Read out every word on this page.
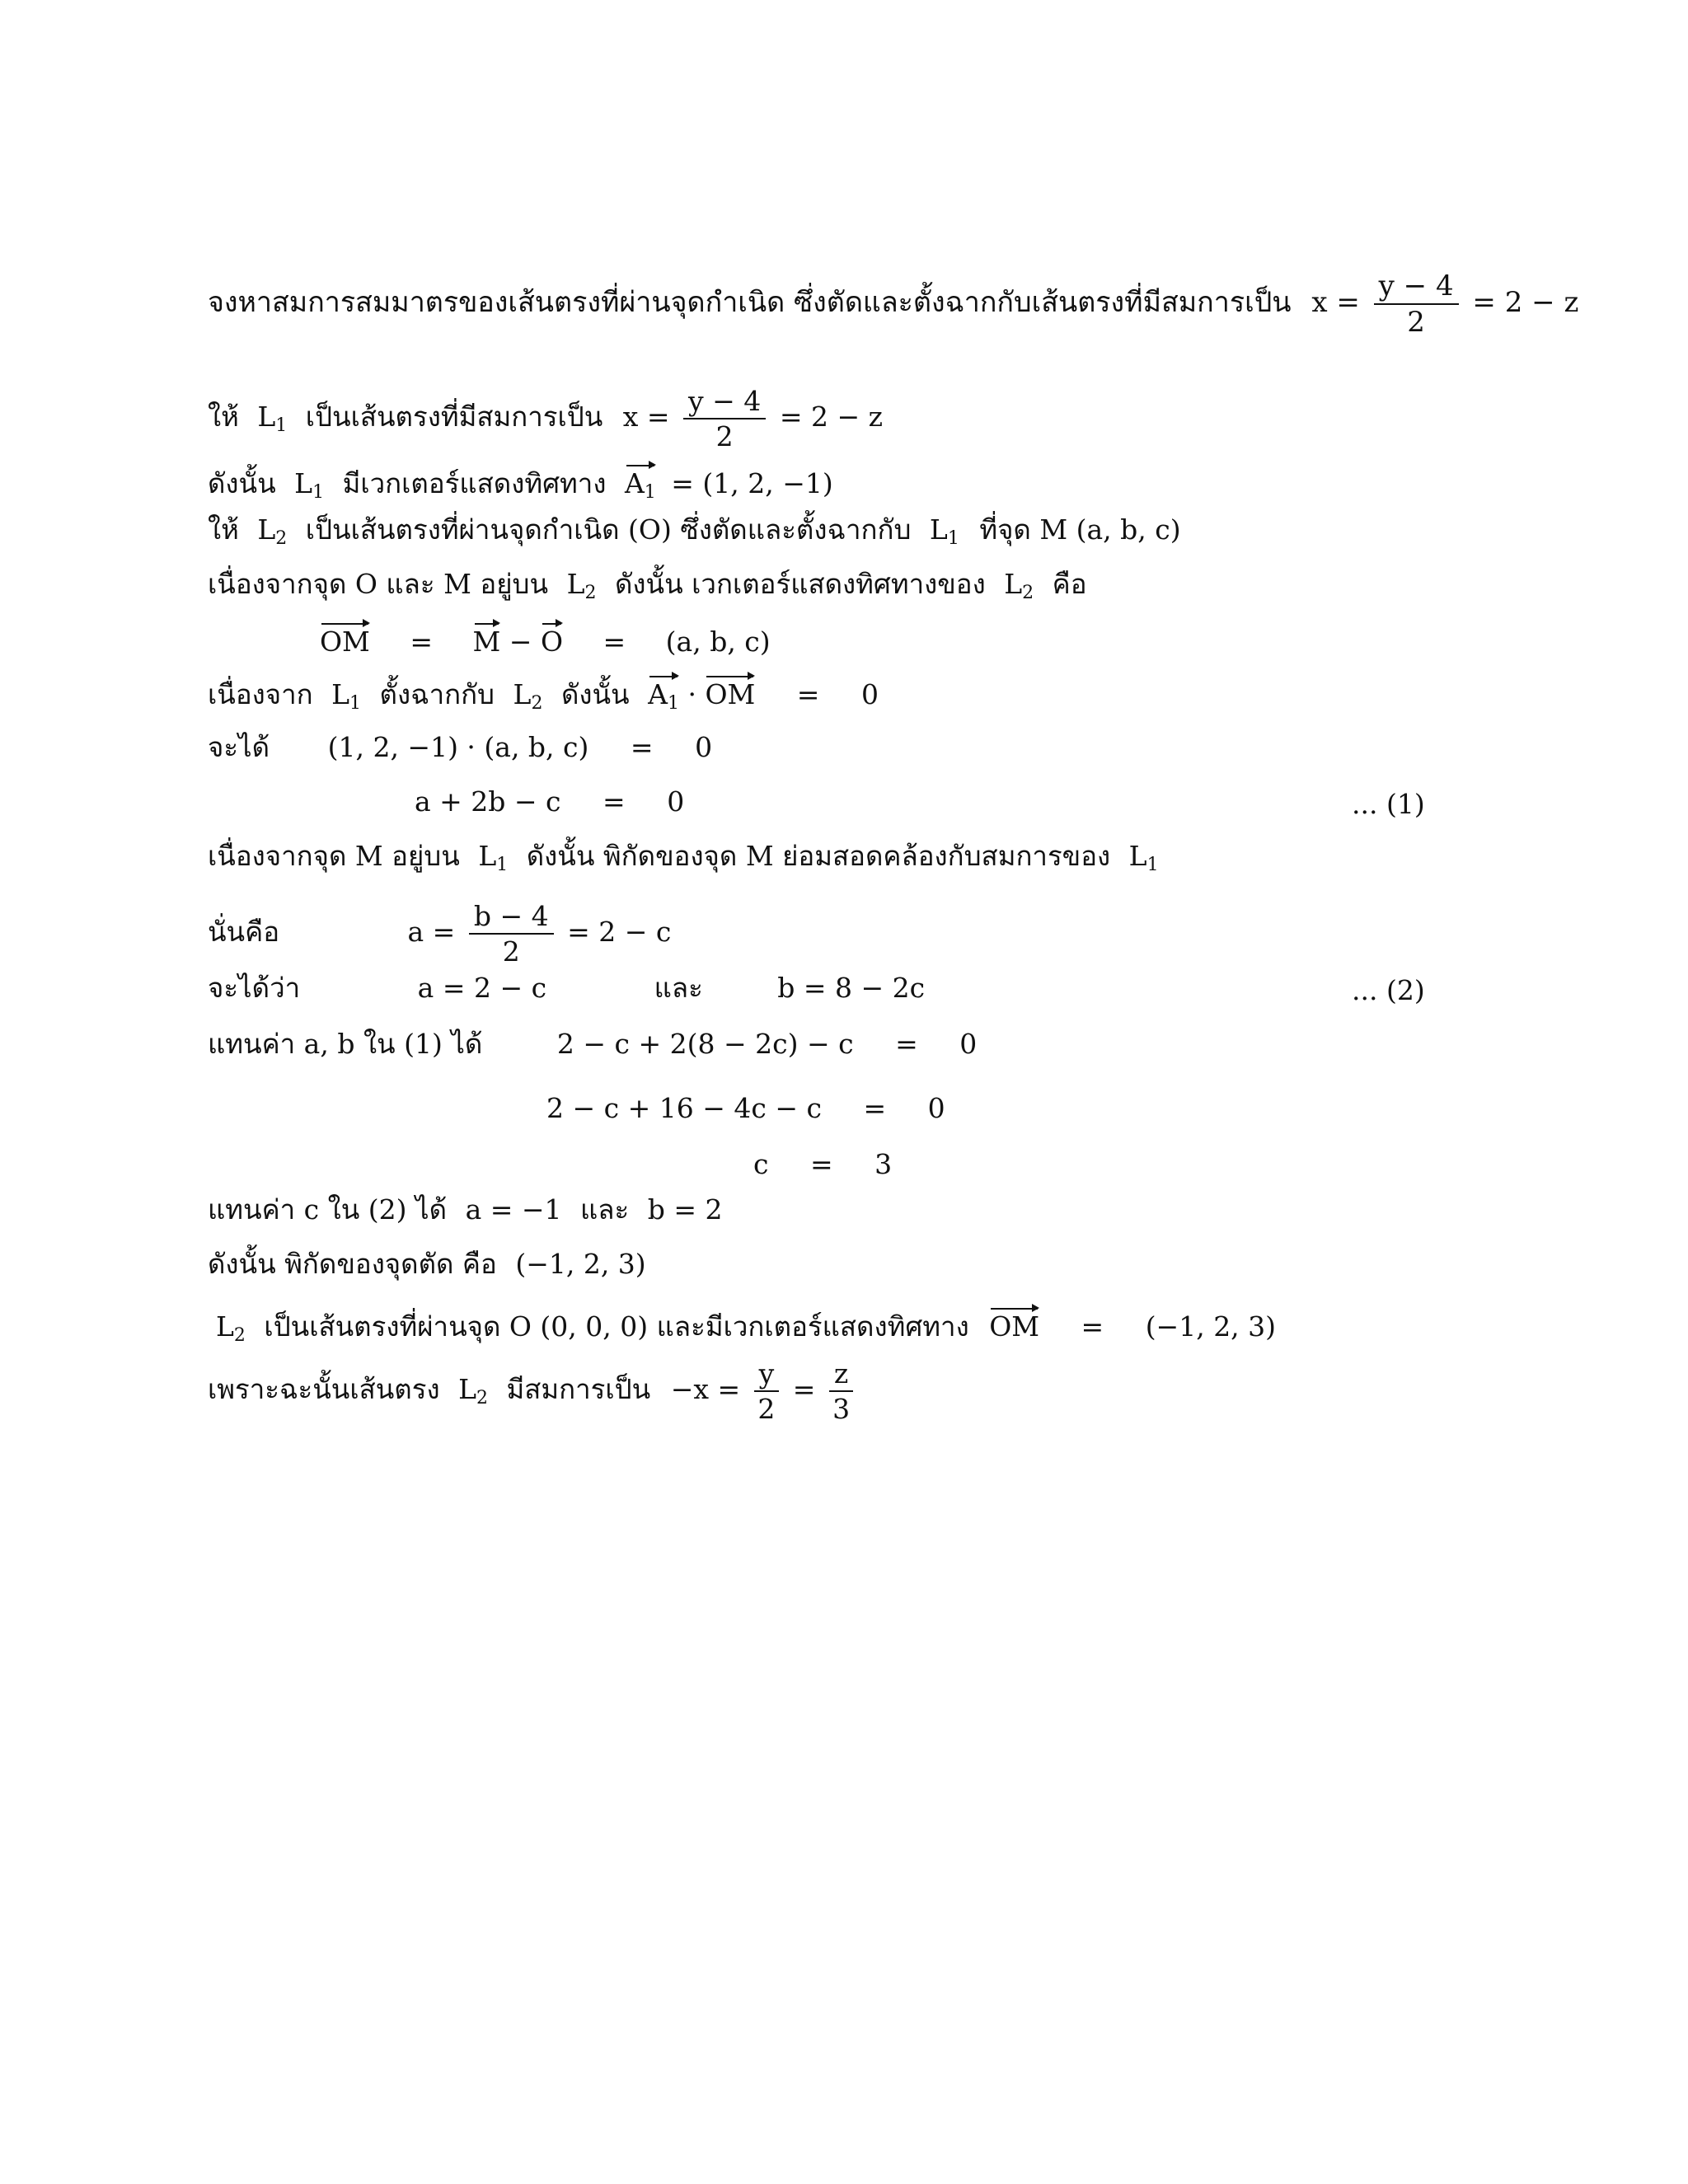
จงหาสมการสมมาตรของเส้นตรงที่ผ่านจุดกำเนิด ซึ่งตัดและตั้งฉากกับเส้นตรงที่มีสมการเป็น $x = \frac{y - 4}{2} = 2 - z$
ให้ $L_1$ เป็นเส้นตรงที่มีสมการเป็น $x = \frac{y - 4}{2} = 2 - z$
ดังนั้น $L_1$ มีเวกเตอร์แสดงทิศทาง $A_1 = (1$, 2, −1)
ให้ $L_2$ เป็นเส้นตรงที่ผ่านจุดกำเนิด (O) ซึ่งตัดและตั้งฉากกับ $L_1$ ที่จุด M (a, b, c)
เนื่องจากจุด O และ M อยู่บน $L_2$ ดังนั้น เวกเตอร์แสดงทิศทางของ $L_2$ คือ
OM = M − O = (a, b, c)
เนื่องจาก $L_1$ ตั้งฉากกับ $L_2$ ดังนั้น $A_1$ · OM = 0
จะได้ (1, 2, −1) · (a, b, c) = 0
a + 2b − c = 0	... (1)
เนื่องจากจุด M อยู่บน $L_1$ ดังนั้น พิกัดของจุด M ย่อมสอดคล้องกับสมการของ $L_1$
นั่นคือ	$a = \frac{b - 4}{2} = 2 - c$
จะได้ว่า	a = 2 − c	และ	b = 8 − 2c	... (2)
แทนค่า a, b ใน (1) ได้	2 − c + 2(8 − 2c) − c = 0
2 − c + 16 − 4c − c = 0
c = 3
แทนค่า c ใน (2) ได้ a = −1 และ b = 2
ดังนั้น พิกัดของจุดตัด คือ (−1, 2, 3)
$L_2$ เป็นเส้นตรงที่ผ่านจุด O (0, 0, 0) และมีเวกเตอร์แสดงทิศทาง OM = (−1, 2, 3)
เพราะฉะนั้นเส้นตรง $L_2$ มีสมการเป็น $-x = \frac{y}{2} = \frac{z}{3}$
